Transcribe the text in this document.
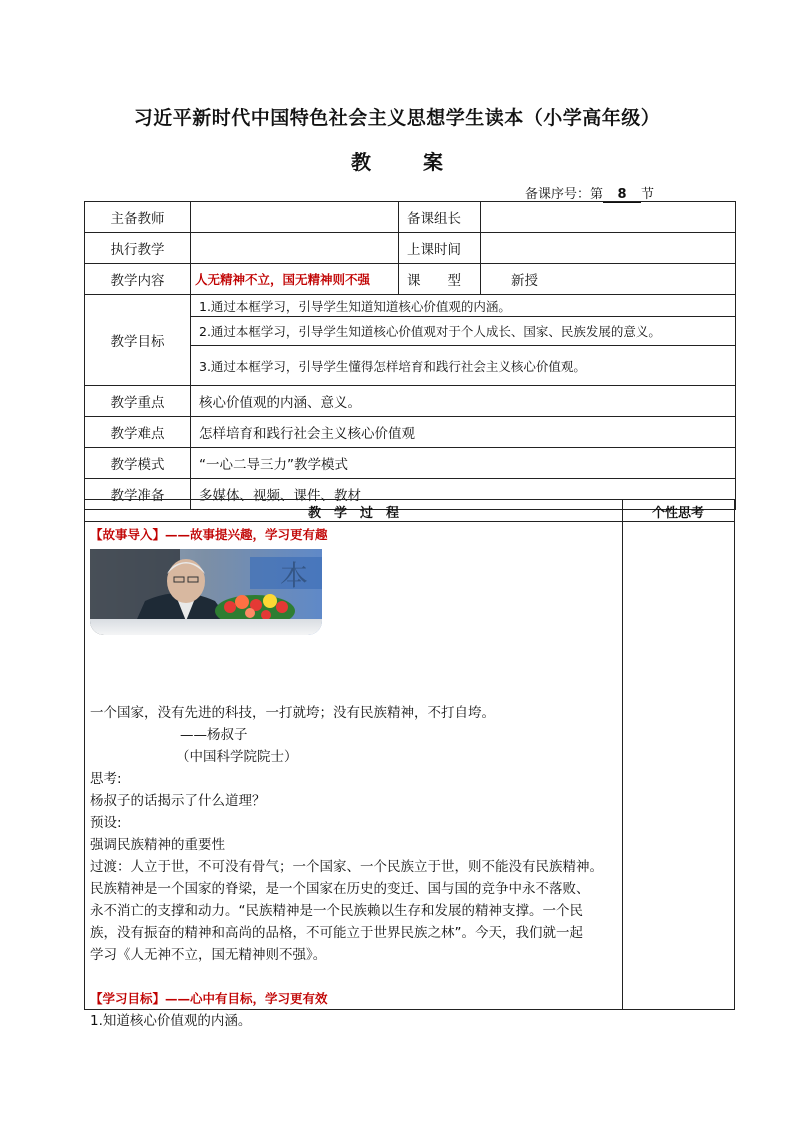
习近平新时代中国特色社会主义思想学生读本（小学高年级）
教	案
备课序号：第 8 节
主备教师		备课组长	
执行教学		上课时间	
教学内容	人无精神不立，国无精神则不强	课　　型	新授
教学目标	1.通过本框学习，引导学生知道知道核心价值观的内涵。		
	2.通过本框学习，引导学生知道核心价值观对于个人成长、国家、民族发展的意义。		
	3.通过本框学习，引导学生懂得怎样培育和践行社会主义核心价值观。		
教学重点	核心价值观的内涵、意义。		
教学难点	怎样培育和践行社会主义核心价值观		
教学模式	“一心二导三力”教学模式		
教学准备	多媒体、视频、课件、教材		
教　学　过　程	个性思考
【故事导入】——故事提兴趣，学习更有趣
本
一个国家，没有先进的科技，一打就垮；没有民族精神，不打自垮。
——杨叔子
（中国科学院院士）
思考:
杨叔子的话揭示了什么道理？
预设:
强调民族精神的重要性
过渡：人立于世，不可没有骨气；一个国家、一个民族立于世，则不能没有民族精神。
民族精神是一个国家的脊梁，是一个国家在历史的变迁、国与国的竞争中永不落败、
永不消亡的支撑和动力。“民族精神是一个民族赖以生存和发展的精神支撑。一个民
族，没有振奋的精神和高尚的品格，不可能立于世界民族之林”。今天，我们就一起
学习《人无神不立，国无精神则不强》。
【学习目标】——心中有目标，学习更有效
1.知道核心价值观的内涵。
